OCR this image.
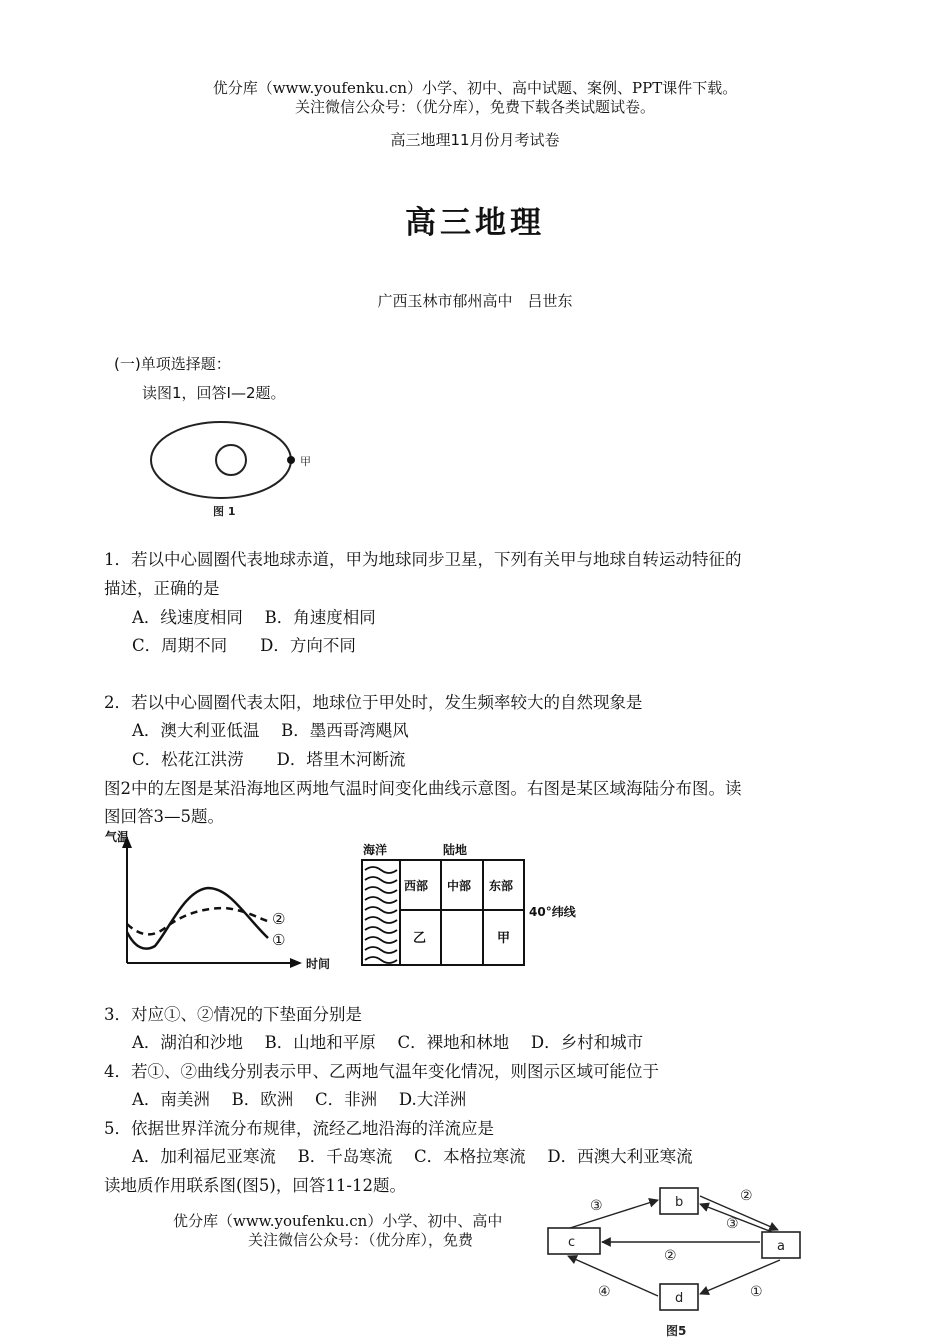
优分库（www.youfenku.cn）小学、初中、高中试题、案例、PPT课件下载。
关注微信公众号：（优分库），免费下载各类试题试卷。
高三地理11月份月考试卷
高三地理
广西玉林市郁州高中　吕世东
(一)单项选择题：
读图1，回答Ⅰ—2题。
甲
图 1
1．若以中心圆圈代表地球赤道，甲为地球同步卫星，下列有关甲与地球自转运动特征的
描述，正确的是
A．线速度相同　 B．角速度相同
C．周期不同　　D．方向不同
2．若以中心圆圈代表太阳，地球位于甲处时，发生频率较大的自然现象是
A．澳大利亚低温　 B．墨西哥湾飓风
C．松花江洪涝　　D．塔里木河断流
图2中的左图是某沿海地区两地气温时间变化曲线示意图。右图是某区域海陆分布图。读
图回答3—5题。
气温
时间
②
①
海洋	陆地
西部 中部 东部
40°纬线
乙	甲
3．对应①、②情况的下垫面分别是
A．湖泊和沙地　 B．山地和平原　 C．裸地和林地　 D．乡村和城市
4．若①、②曲线分别表示甲、乙两地气温年变化情况，则图示区域可能位于
A．南美洲　 B．欧洲　 C．非洲　 D.大洋洲
5．依据世界洋流分布规律，流经乙地沿海的洋流应是
A．加利福尼亚寒流　 B．千岛寒流　 C．本格拉寒流　 D．西澳大利亚寒流
读地质作用联系图(图5)，回答11-12题。
优分库（www.youfenku.cn）小学、初中、高中
关注微信公众号：（优分库），免费
b
c	a
d
③
②
③
②
①
④
图5
